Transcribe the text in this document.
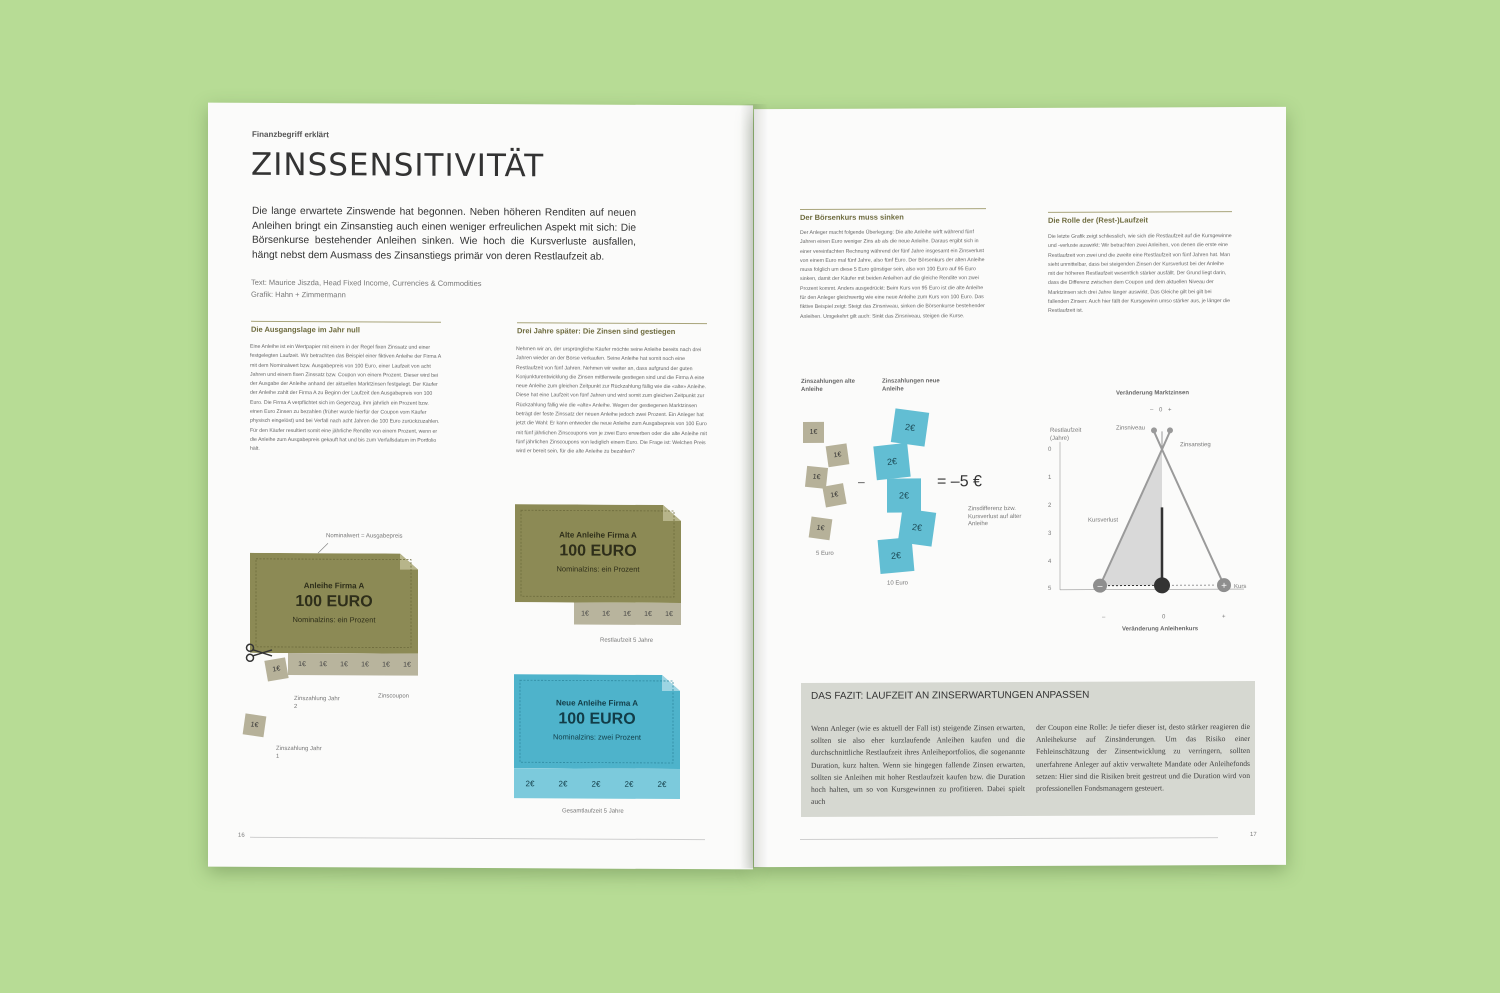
Finanzbegriff erklärt
ZINSSENSITIVITÄT
Die lange erwartete Zinswende hat begonnen. Neben höheren Renditen auf neuen Anleihen bringt ein Zinsanstieg auch einen weniger erfreulichen Aspekt mit sich: Die Börsenkurse bestehender Anleihen sinken. Wie hoch die Kursverluste ausfallen, hängt nebst dem Ausmass des Zinsanstiegs primär von deren Restlaufzeit ab.
Text: Maurice Jiszda, Head Fixed Income, Currencies & Commodities
Grafik: Hahn + Zimmermann
Die Ausgangslage im Jahr null
Eine Anleihe ist ein Wertpapier mit einem in der Regel fixen Zinssatz und einer festgelegten Laufzeit. Wir betrachten das Beispiel einer fiktiven Anleihe der Firma A mit dem Nominalwert bzw. Ausgabepreis von 100 Euro, einer Laufzeit von acht Jahren und einem fixen Zinssatz bzw. Coupon von einem Prozent. Dieser wird bei der Ausgabe der Anleihe anhand der aktuellen Marktzinsen festgelegt. Der Käufer der Anleihe zahlt der Firma A zu Beginn der Laufzeit den Ausgabepreis von 100 Euro. Die Firma A verpflichtet sich im Gegenzug, ihm jährlich ein Prozent bzw. einen Euro Zinsen zu bezahlen (früher wurde hierfür der Coupon vom Käufer physisch eingelöst) und bei Verfall nach acht Jahren die 100 Euro zurückzuzahlen. Für den Käufer resultiert somit eine jährliche Rendite von einem Prozent, wenn er die Anleihe zum Ausgabepreis gekauft hat und bis zum Verfallsdatum im Portfolio hält.
Drei Jahre später: Die Zinsen sind gestiegen
Nehmen wir an, der ursprüngliche Käufer möchte seine Anleihe bereits nach drei Jahren wieder an der Börse verkaufen. Seine Anleihe hat somit noch eine Restlaufzeit von fünf Jahren. Nehmen wir weiter an, dass aufgrund der guten Konjunkturentwicklung die Zinsen mittlerweile gestiegen sind und die Firma A eine neue Anleihe zum gleichen Zeitpunkt zur Rückzahlung fällig wie die «alte» Anleihe. Diese hat eine Laufzeit von fünf Jahren und wird somit zum gleichen Zeitpunkt zur Rückzahlung fällig wie die «alte» Anleihe. Wegen der gestiegenen Marktzinsen beträgt der feste Zinssatz der neuen Anleihe jedoch zwei Prozent. Ein Anleger hat jetzt die Wahl: Er kann entweder die neue Anleihe zum Ausgabepreis von 100 Euro mit fünf jährlichen Zinscoupons von je zwei Euro erwerben oder die alte Anleihe mit fünf jährlichen Zinscoupons von lediglich einem Euro. Die Frage ist: Welchen Preis wird er bereit sein, für die alte Anleihe zu bezahlen?
Nominalwert = Ausgabepreis
Anleihe Firma A
100 EURO
Nominalzins: ein Prozent
1€	1€	1€	1€	1€	1€
1€
Zinszahlung Jahr 2
Zinscoupon
1€
Zinszahlung Jahr 1
Alte Anleihe Firma A
100 EURO
Nominalzins: ein Prozent
1€	1€	1€	1€	1€
Restlaufzeit 5 Jahre
Neue Anleihe Firma A
100 EURO
Nominalzins: zwei Prozent
2€	2€	2€	2€	2€
Gesamtlaufzeit 5 Jahre
16
Der Börsenkurs muss sinken
Der Anleger macht folgende Überlegung: Die alte Anleihe wirft während fünf Jahren einen Euro weniger Zins ab als die neue Anleihe. Daraus ergibt sich in einer vereinfachten Rechnung während der fünf Jahre insgesamt ein Zinsverlust von einem Euro mal fünf Jahre, also fünf Euro. Der Börsenkurs der alten Anleihe muss folglich um diese 5 Euro günstiger sein, also von 100 Euro auf 95 Euro sinken, damit der Käufer mit beiden Anleihen auf die gleiche Rendite von zwei Prozent kommt. Anders ausgedrückt: Beim Kurs von 95 Euro ist die alte Anleihe für den Anleger gleichwertig wie eine neue Anleihe zum Kurs von 100 Euro. Das fiktive Beispiel zeigt: Steigt das Zinsniveau, sinken die Börsenkurse bestehender Anleihen. Umgekehrt gilt auch: Sinkt das Zinsniveau, steigen die Kurse.
Die Rolle der (Rest-)Laufzeit
Die letzte Grafik zeigt schliesslich, wie sich die Restlaufzeit auf die Kursgewinne und -verluste auswirkt: Wir betrachten zwei Anleihen, von denen die erste eine Restlaufzeit von zwei und die zweite eine Restlaufzeit von fünf Jahren hat. Man sieht unmittelbar, dass bei steigenden Zinsen der Kursverlust bei der Anleihe mit der höheren Restlaufzeit wesentlich stärker ausfällt. Der Grund liegt darin, dass die Differenz zwischen dem Coupon und dem aktuellen Niveau der Marktzinsen sich drei Jahre länger auswirkt. Das Gleiche gilt bei gilt bei fallenden Zinsen: Auch hier fällt der Kursgewinn umso stärker aus, je länger die Restlaufzeit ist.
Zinszahlungen alte Anleihe
Zinszahlungen neue Anleihe
1€
1€
1€
1€
1€
5 Euro
–
2€
2€
2€
2€
2€
10 Euro
= –5 €
Zinsdifferenz bzw. Kursverlust auf alter Anleihe
Veränderung Marktzinsen
– 0 +
Restlaufzeit (Jahre)
0
1
2
3
4
5	–	+
Zinsniveau
Zinsanstieg
Kursverlust
Kurs
–	0	+
Veränderung Anleihenkurs
DAS FAZIT: LAUFZEIT AN ZINSERWARTUNGEN ANPASSEN
Wenn Anleger (wie es aktuell der Fall ist) steigende Zinsen erwarten, sollten sie also eher kurzlaufende Anleihen kaufen und die durchschnittliche Restlaufzeit ihres Anleiheportfolios, die sogenannte Duration, kurz halten. Wenn sie hingegen fallende Zinsen erwarten, sollten sie Anleihen mit hoher Restlaufzeit kaufen bzw. die Duration hoch halten, um so von Kursgewinnen zu profitieren. Dabei spielt auch
der Coupon eine Rolle: Je tiefer dieser ist, desto stärker reagieren die Anleihekurse auf Zinsänderungen. Um das Risiko einer Fehleinschätzung der Zinsentwicklung zu verringern, sollten unerfahrene Anleger auf aktiv verwaltete Mandate oder Anleihefonds setzen: Hier sind die Risiken breit gestreut und die Duration wird von professionellen Fondsmanagern gesteuert.
17
